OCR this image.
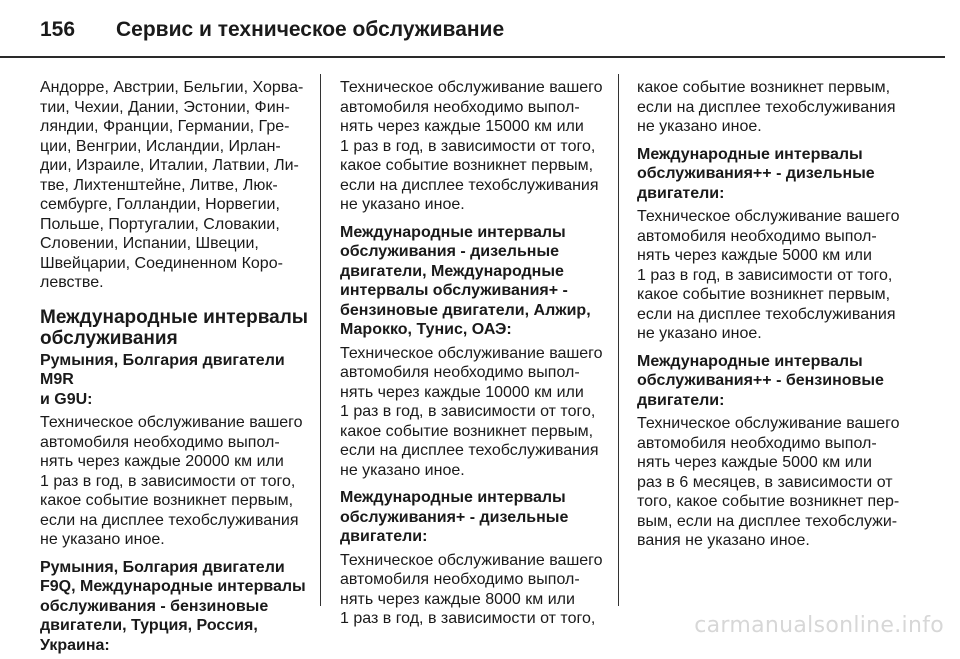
156 Сервис и техническое обслуживание

Андорре, Австрии, Бельгии, Хорва-
тии, Чехии, Дании, Эстонии, Фин-
ляндии, Франции, Германии, Гре-
ции, Венгрии, Исландии, Ирлан-
дии, Израиле, Италии, Латвии, Ли-
тве, Лихтенштейне, Литве, Люк-
сембурге, Голландии, Норвегии,
Польше, Португалии, Словакии,
Словении, Испании, Швеции,
Швейцарии, Соединенном Коро-
левстве.

Международные интервалы
обслуживания

Румыния, Болгария двигатели M9R
и G9U:

Техническое обслуживание вашего
автомобиля необходимо выпол-
нять через каждые 20000 км или
1 раз в год, в зависимости от того,
какое событие возникнет первым,
если на дисплее техобслуживания
не указано иное.

Румыния, Болгария двигатели
F9Q, Международные интервалы
обслуживания - бензиновые
двигатели, Турция, Россия,
Украина:

Техническое обслуживание вашего
автомобиля необходимо выпол-
нять через каждые 15000 км или
1 раз в год, в зависимости от того,
какое событие возникнет первым,
если на дисплее техобслуживания
не указано иное.

Международные интервалы
обслуживания - дизельные
двигатели, Международные
интервалы обслуживания+ -
бензиновые двигатели, Алжир,
Марокко, Тунис, ОАЭ:

Техническое обслуживание вашего
автомобиля необходимо выпол-
нять через каждые 10000 км или
1 раз в год, в зависимости от того,
какое событие возникнет первым,
если на дисплее техобслуживания
не указано иное.

Международные интервалы
обслуживания+ - дизельные
двигатели:

Техническое обслуживание вашего
автомобиля необходимо выпол-
нять через каждые 8000 км или
1 раз в год, в зависимости от того,

какое событие возникнет первым,
если на дисплее техобслуживания
не указано иное.

Международные интервалы
обслуживания++ - дизельные
двигатели:

Техническое обслуживание вашего
автомобиля необходимо выпол-
нять через каждые 5000 км или
1 раз в год, в зависимости от того,
какое событие возникнет первым,
если на дисплее техобслуживания
не указано иное.

Международные интервалы
обслуживания++ - бензиновые
двигатели:

Техническое обслуживание вашего
автомобиля необходимо выпол-
нять через каждые 5000 км или
раз в 6 месяцев, в зависимости от
того, какое событие возникнет пер-
вым, если на дисплее техобслужи-
вания не указано иное.

carmanualsonline.info
